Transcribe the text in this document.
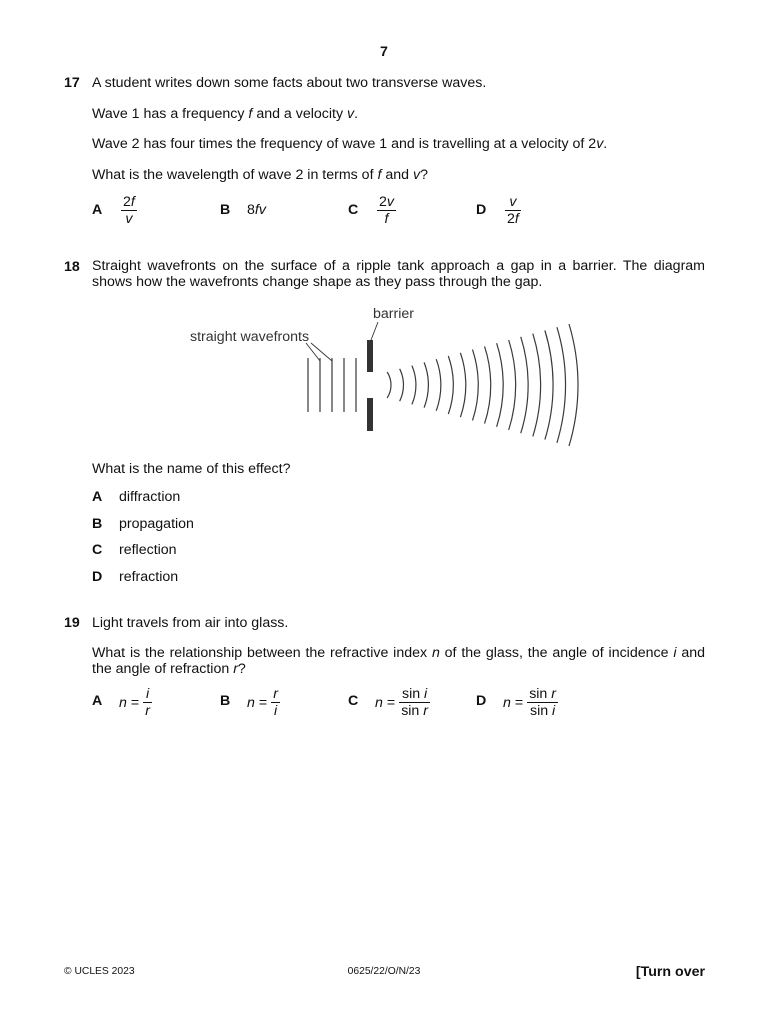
7
17 A student writes down some facts about two transverse waves.
Wave 1 has a frequency f and a velocity v.
Wave 2 has four times the frequency of wave 1 and is travelling at a velocity of 2v.
What is the wavelength of wave 2 in terms of f and v?
A $\frac{2f}{v}$	B 8fv	C $\frac{2v}{f}$	D $\frac{v}{2f}$
18 Straight wavefronts on the surface of a ripple tank approach a gap in a barrier. The diagram shows how the wavefronts change shape as they pass through the gap.
barrier
straight wavefronts
What is the name of this effect?
A diffraction
B propagation
C reflection
D refraction
19 Light travels from air into glass.
What is the relationship between the refractive index n of the glass, the angle of incidence i and the angle of refraction r?
A $n = \frac{i}{r}$	B $n = \frac{r}{i}$	C $n = \frac{\text{sin i}}{\text{sin r}}$	D $n = \frac{\text{sin r}}{\text{sin i}}$
© UCLES 2023	0625/22/O/N/23	[Turn over
